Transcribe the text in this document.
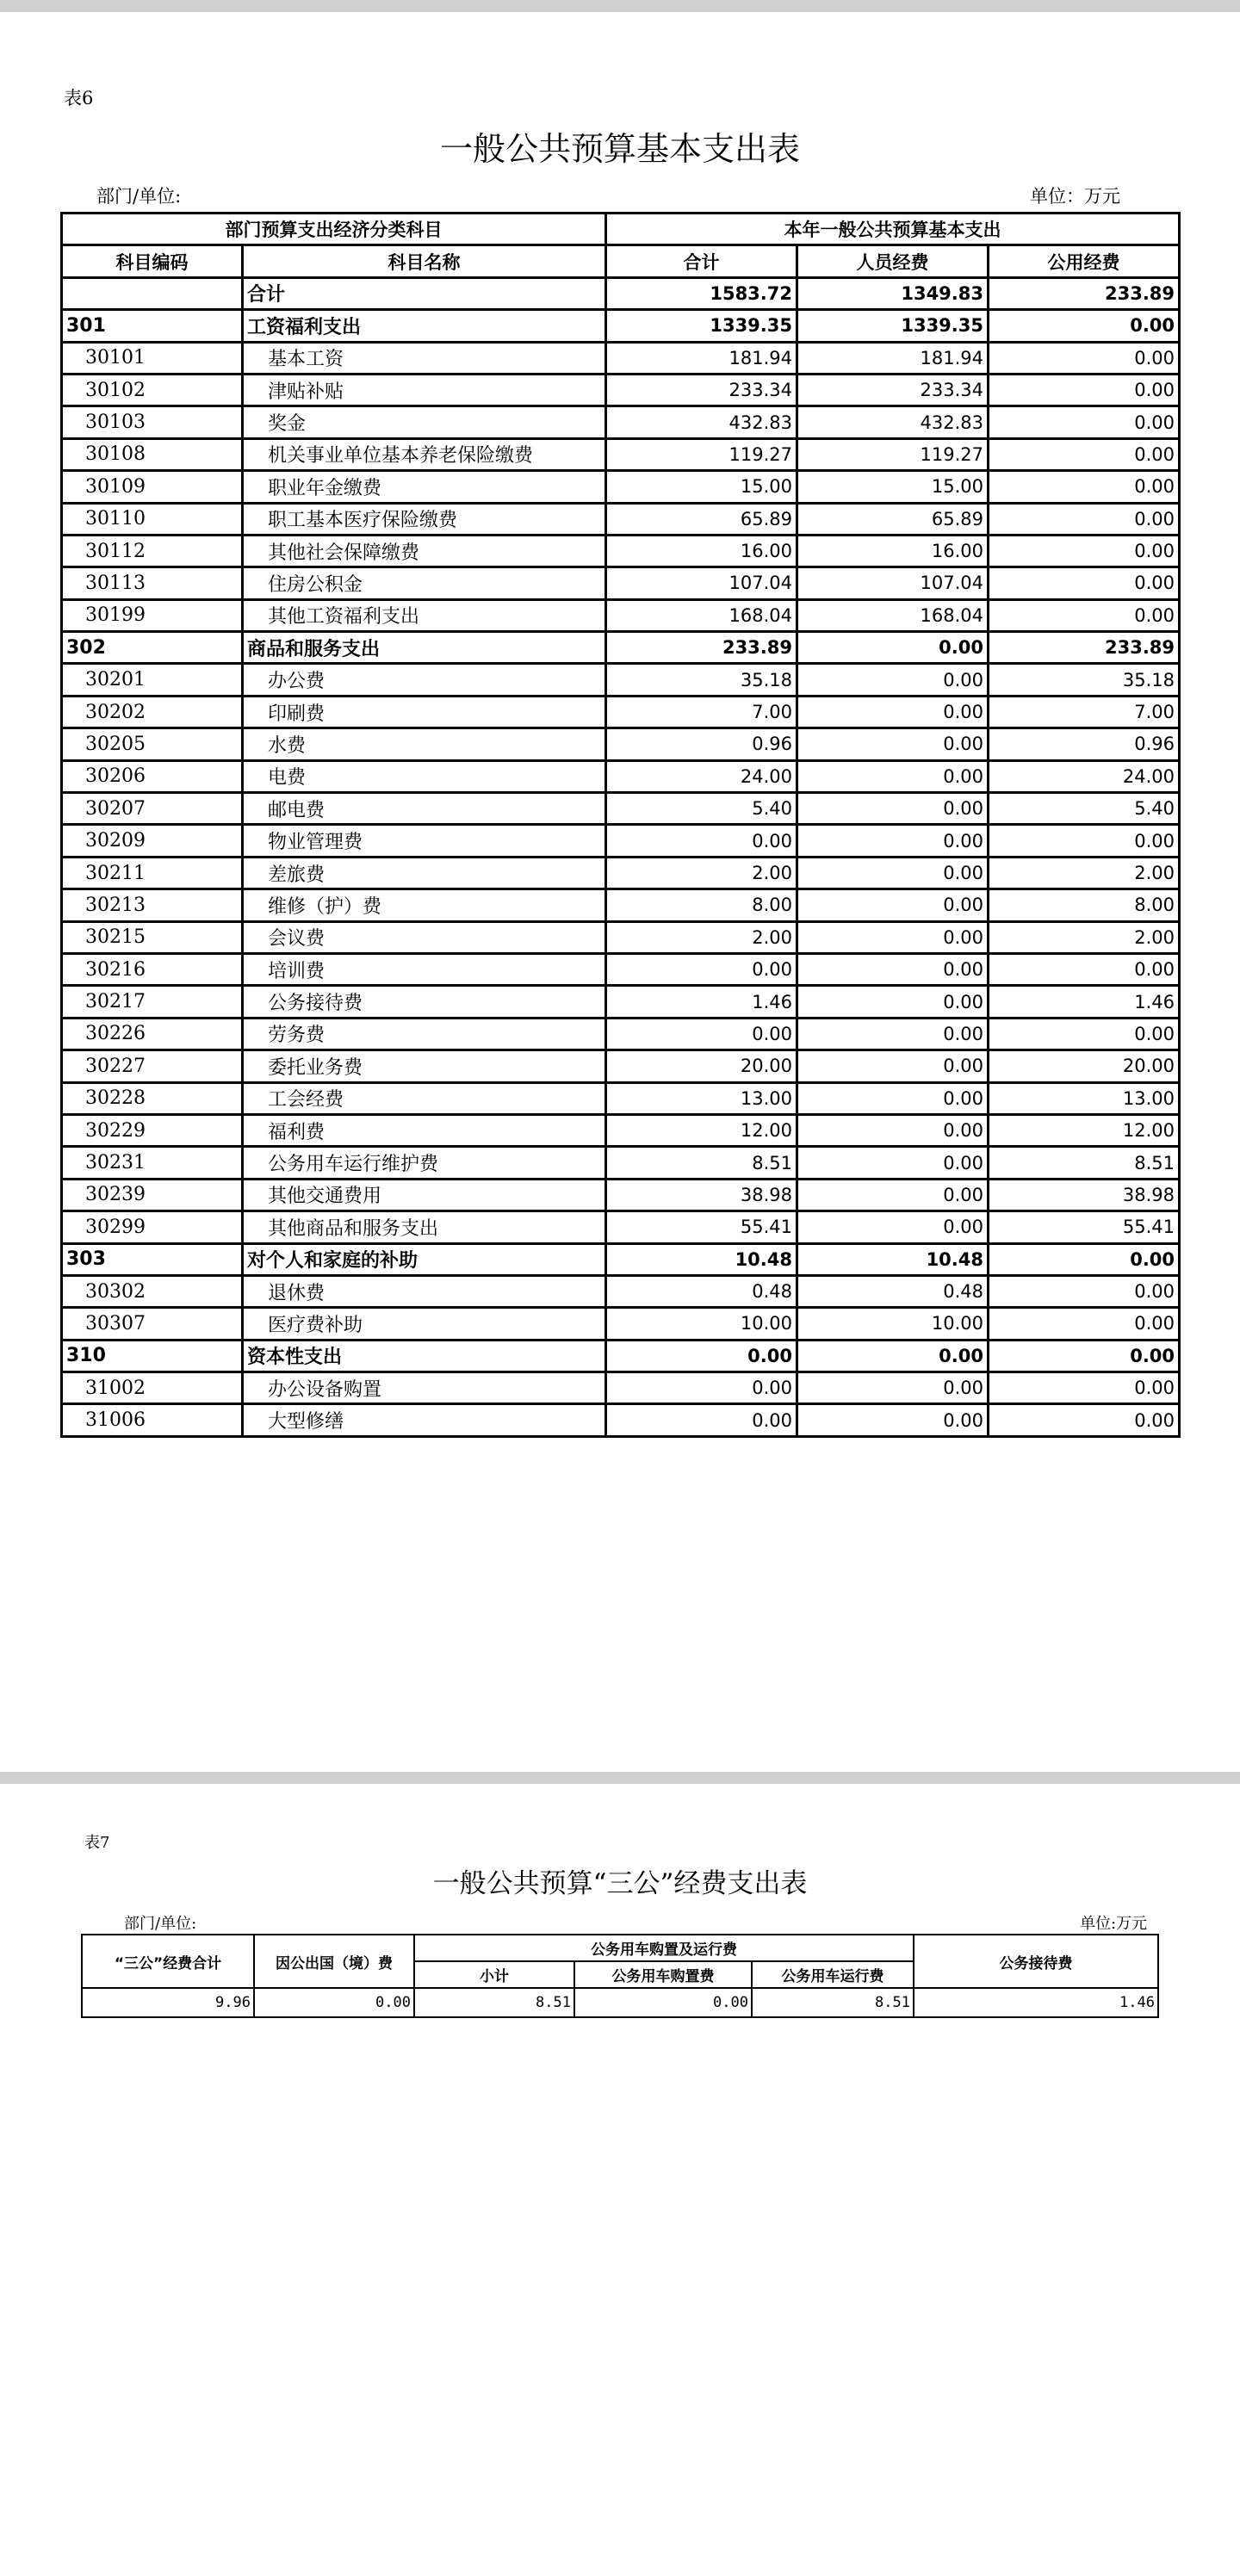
表6
一般公共预算基本支出表
部门/单位:	单位：万元
部门预算支出经济分类科目		本年一般公共预算基本支出		
科目编码	科目名称	合计	人员经费	公用经费
	合计	1583.72	1349.83	233.89
301	工资福利支出	1339.35	1339.35	0.00
30101	基本工资	181.94	181.94	0.00
30102	津贴补贴	233.34	233.34	0.00
30103	奖金	432.83	432.83	0.00
30108	机关事业单位基本养老保险缴费	119.27	119.27	0.00
30109	职业年金缴费	15.00	15.00	0.00
30110	职工基本医疗保险缴费	65.89	65.89	0.00
30112	其他社会保障缴费	16.00	16.00	0.00
30113	住房公积金	107.04	107.04	0.00
30199	其他工资福利支出	168.04	168.04	0.00
302	商品和服务支出	233.89	0.00	233.89
30201	办公费	35.18	0.00	35.18
30202	印刷费	7.00	0.00	7.00
30205	水费	0.96	0.00	0.96
30206	电费	24.00	0.00	24.00
30207	邮电费	5.40	0.00	5.40
30209	物业管理费	0.00	0.00	0.00
30211	差旅费	2.00	0.00	2.00
30213	维修（护）费	8.00	0.00	8.00
30215	会议费	2.00	0.00	2.00
30216	培训费	0.00	0.00	0.00
30217	公务接待费	1.46	0.00	1.46
30226	劳务费	0.00	0.00	0.00
30227	委托业务费	20.00	0.00	20.00
30228	工会经费	13.00	0.00	13.00
30229	福利费	12.00	0.00	12.00
30231	公务用车运行维护费	8.51	0.00	8.51
30239	其他交通费用	38.98	0.00	38.98
30299	其他商品和服务支出	55.41	0.00	55.41
303	对个人和家庭的补助	10.48	10.48	0.00
30302	退休费	0.48	0.48	0.00
30307	医疗费补助	10.00	10.00	0.00
310	资本性支出	0.00	0.00	0.00
31002	办公设备购置	0.00	0.00	0.00
31006	大型修缮	0.00	0.00	0.00
表7
一般公共预算“三公”经费支出表
部门/单位:	单位:万元
“三公”经费合计	因公出国（境）费	公务用车购置及运行费			公务接待费
		小计	公务用车购置费	公务用车运行费	
9.96	0.00	8.51	0.00	8.51	1.46
